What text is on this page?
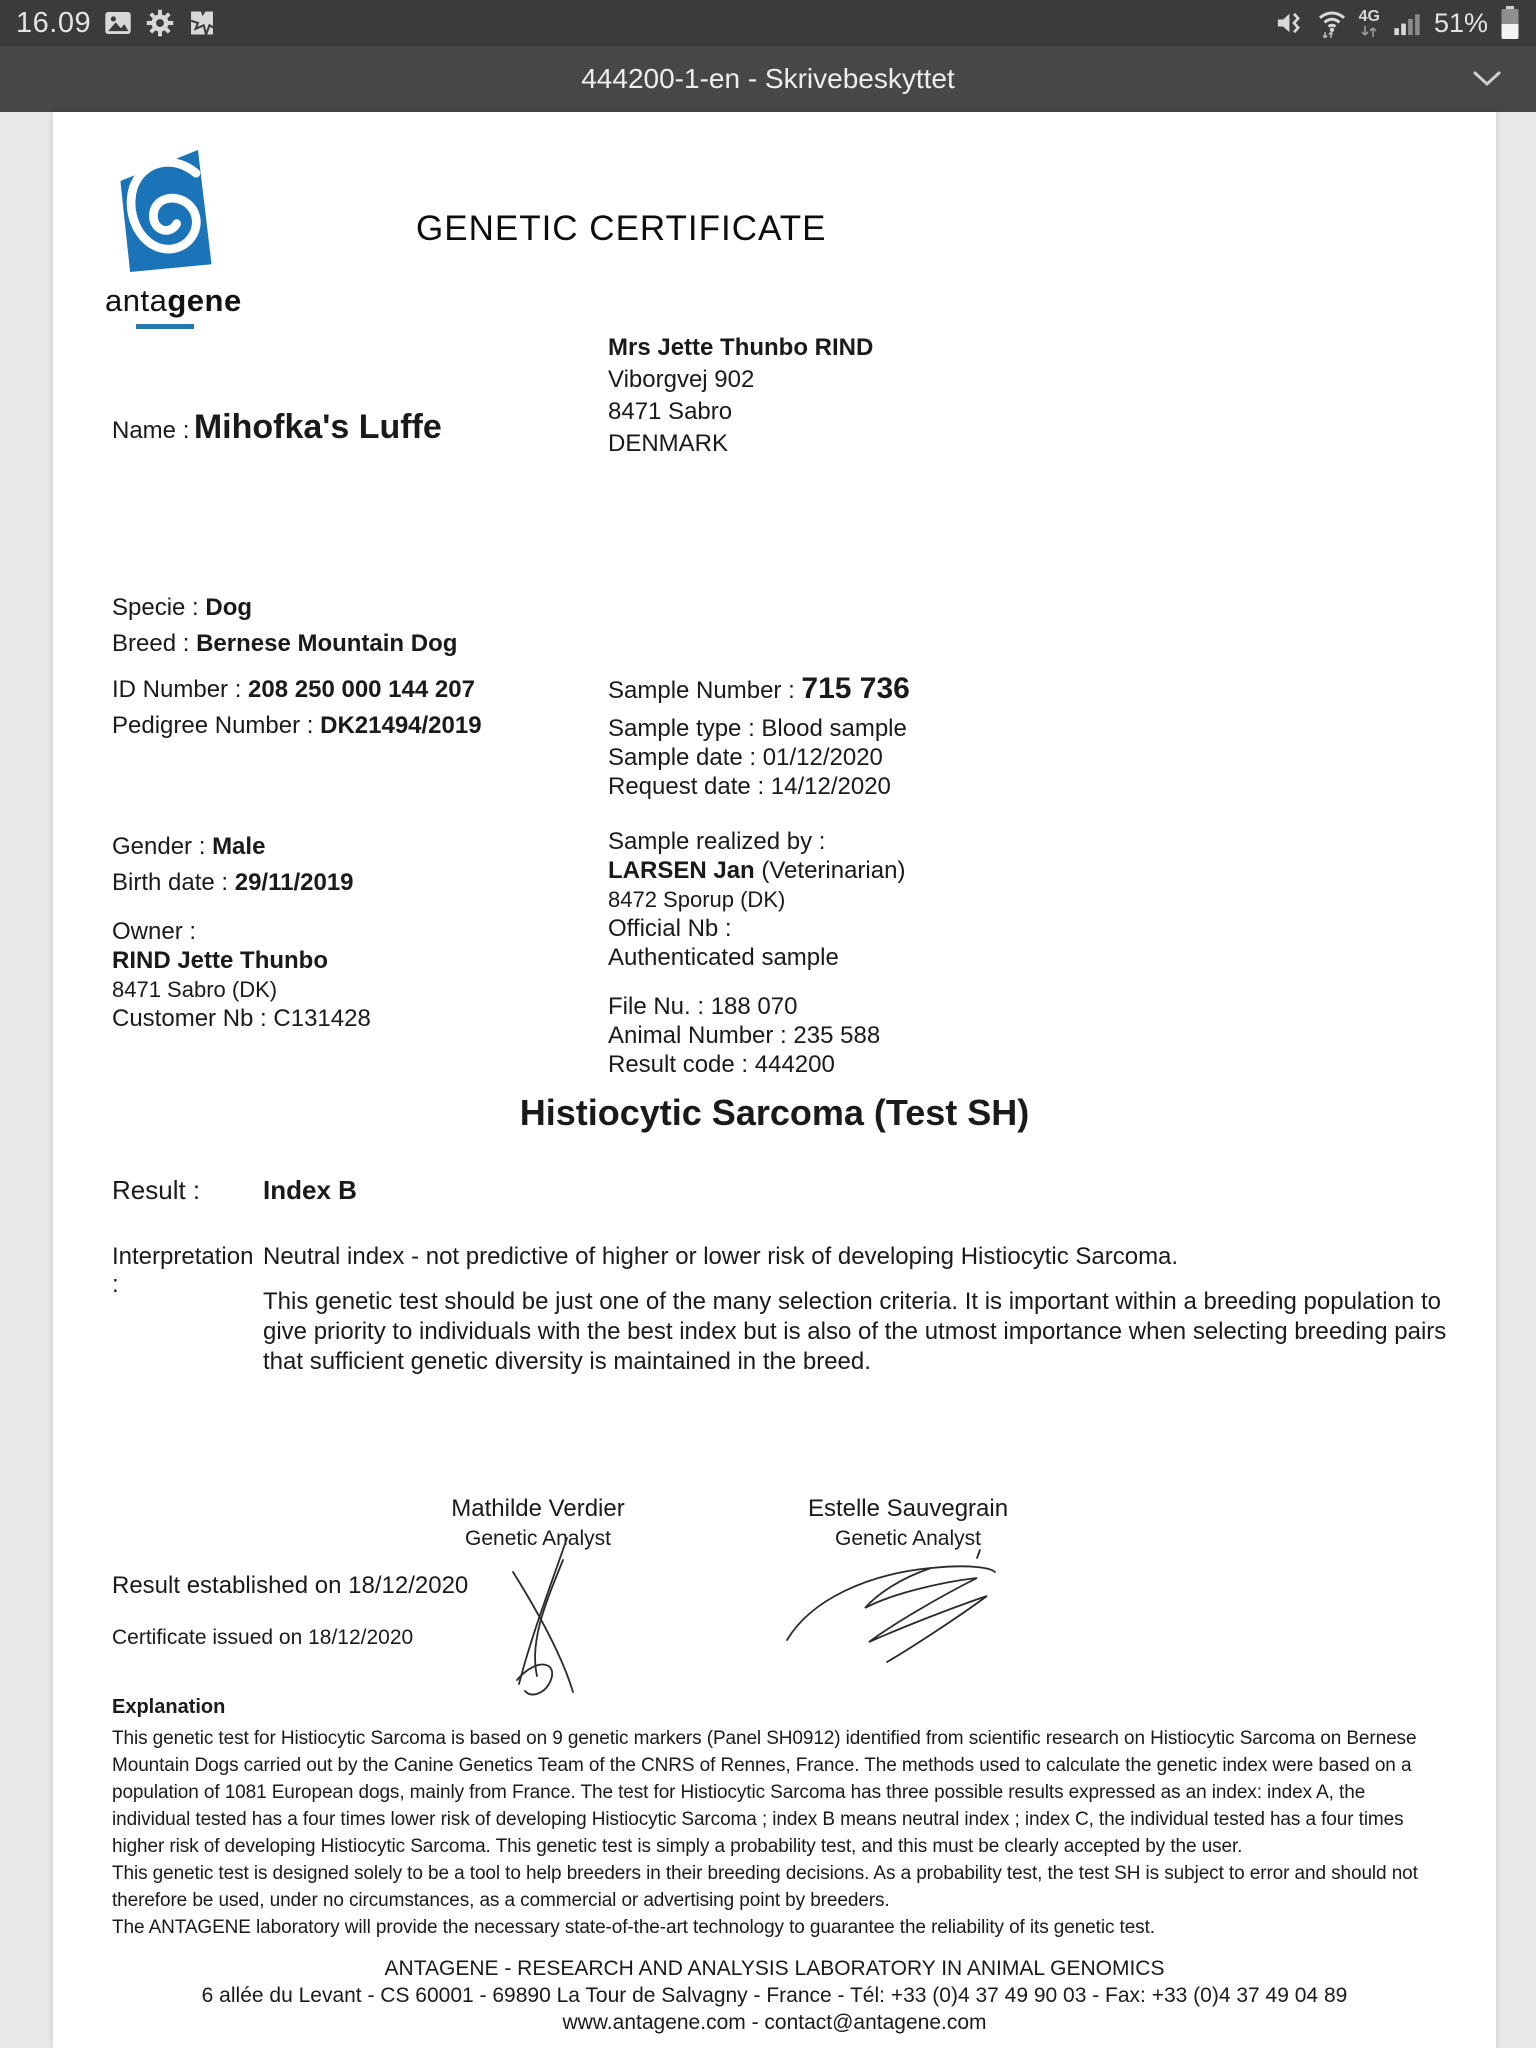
16.09	4G 51%
444200-1-en - Skrivebeskyttet
antagene
GENETIC CERTIFICATE
Mrs Jette Thunbo RIND
Viborgvej 902
8471 Sabro
DENMARK
Name : Mihofka's Luffe
Specie : Dog
Breed : Bernese Mountain Dog
ID Number : 208 250 000 144 207
Pedigree Number : DK21494/2019
Gender : Male
Birth date : 29/11/2019
Owner :
RIND Jette Thunbo
8471 Sabro (DK)
Customer Nb : C131428
Sample Number : 715 736
Sample type : Blood sample
Sample date : 01/12/2020
Request date : 14/12/2020
Sample realized by :
LARSEN Jan (Veterinarian)
8472 Sporup (DK)
Official Nb :
Authenticated sample
File Nu. : 188 070
Animal Number : 235 588
Result code : 444200
Histiocytic Sarcoma (Test SH)
Result : Index B
Interpretation :Neutral index - not predictive of higher or lower risk of developing Histiocytic Sarcoma.
This genetic test should be just one of the many selection criteria. It is important within a breeding population to give priority to individuals with the best index but is also of the utmost importance when selecting breeding pairs that sufficient genetic diversity is maintained in the breed.
Mathilde Verdier
Genetic Analyst
Estelle Sauvegrain
Genetic Analyst
Result established on 18/12/2020
Certificate issued on 18/12/2020
Explanation

This genetic test for Histiocytic Sarcoma is based on 9 genetic markers (Panel SH0912) identified from scientific research on Histiocytic Sarcoma on Bernese Mountain Dogs carried out by the Canine Genetics Team of the CNRS of Rennes, France. The methods used to calculate the genetic index were based on a population of 1081 European dogs, mainly from France. The test for Histiocytic Sarcoma has three possible results expressed as an index: index A, the individual tested has a four times lower risk of developing Histiocytic Sarcoma ; index B means neutral index ; index C, the individual tested has a four times higher risk of developing Histiocytic Sarcoma. This genetic test is simply a probability test, and this must be clearly accepted by the user.

This genetic test is designed solely to be a tool to help breeders in their breeding decisions. As a probability test, the test SH is subject to error and should not therefore be used, under no circumstances, as a commercial or advertising point by breeders.

The ANTAGENE laboratory will provide the necessary state-of-the-art technology to guarantee the reliability of its genetic test.

ANTAGENE - RESEARCH AND ANALYSIS LABORATORY IN ANIMAL GENOMICS
6 allée du Levant - CS 60001 - 69890 La Tour de Salvagny - France - Tél: +33 (0)4 37 49 90 03 - Fax: +33 (0)4 37 49 04 89
www.antagene.com - contact@antagene.com
